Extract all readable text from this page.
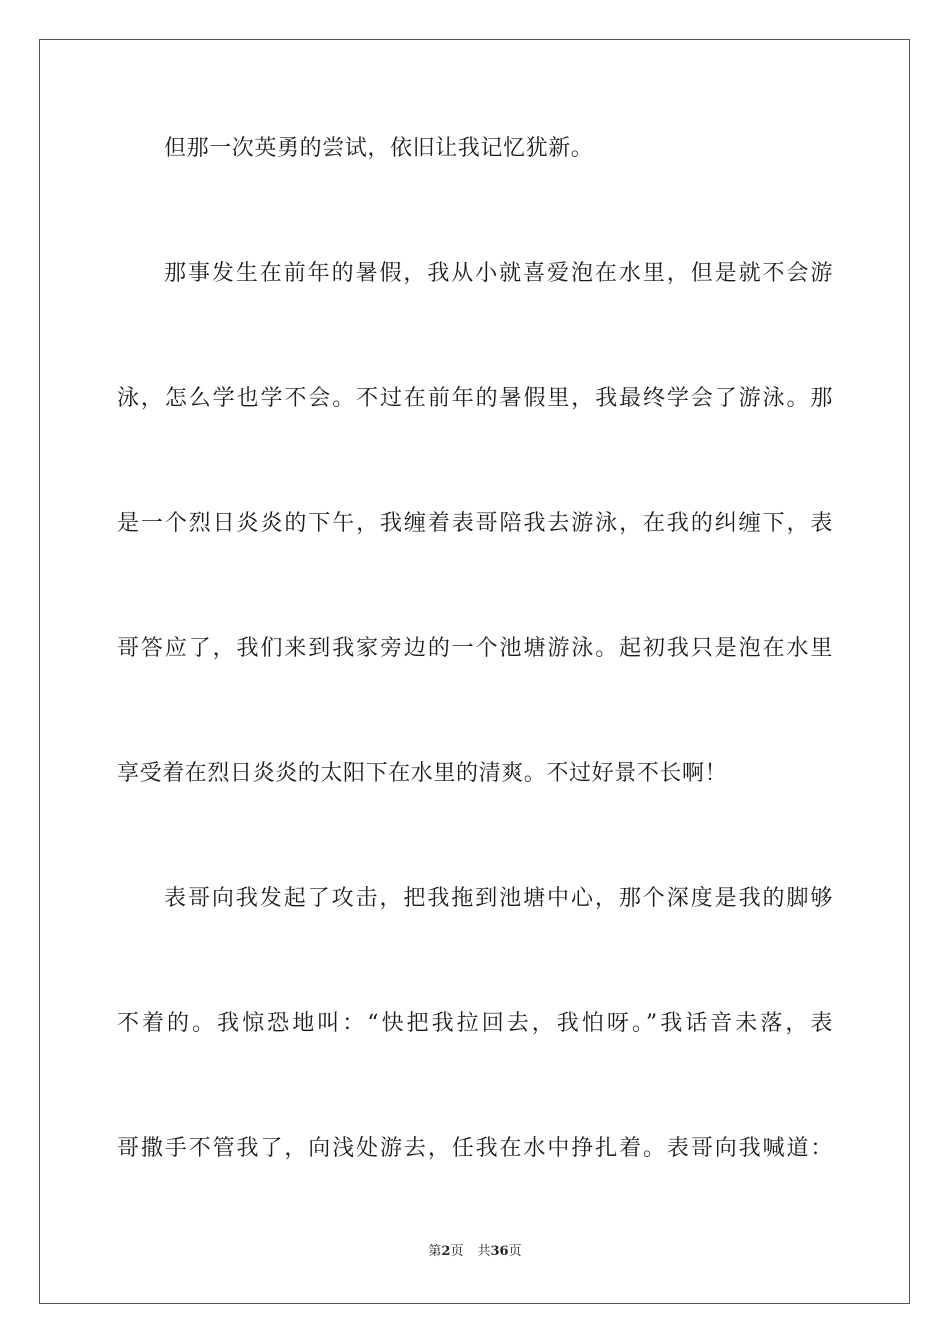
但那一次英勇的尝试，依旧让我记忆犹新。
那事发生在前年的暑假，我从小就喜爱泡在水里，但是就不会游
泳，怎么学也学不会。不过在前年的暑假里，我最终学会了游泳。那
是一个烈日炎炎的下午，我缠着表哥陪我去游泳，在我的纠缠下，表
哥答应了，我们来到我家旁边的一个池塘游泳。起初我只是泡在水里
享受着在烈日炎炎的太阳下在水里的清爽。不过好景不长啊！
表哥向我发起了攻击，把我拖到池塘中心，那个深度是我的脚够
不着的。我惊恐地叫：“快把我拉回去，我怕呀。”我话音未落，表
哥撒手不管我了，向浅处游去，任我在水中挣扎着。表哥向我喊道：
第2页 共36页
